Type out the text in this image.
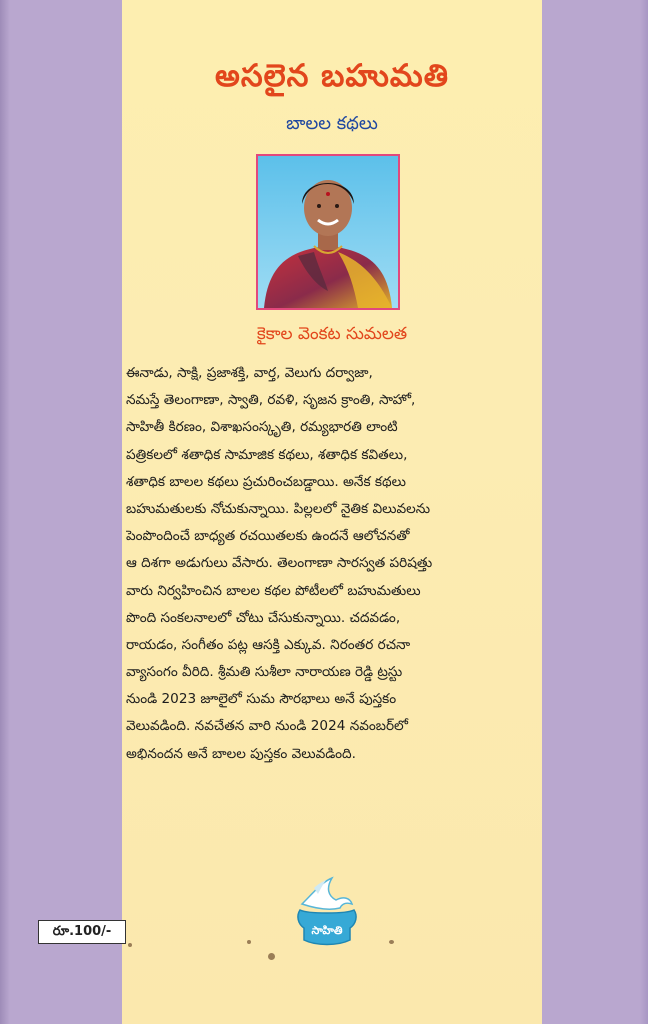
అసలైన బహుమతి
బాలల కథలు
కైకాల వెంకట సుమలత
ఈనాడు, సాక్షి, ప్రజాశక్తి, వార్త, వెలుగు దర్వాజా,
నమస్తే తెలంగాణా, స్వాతి, రవళి, సృజన క్రాంతి, సాహో,
సాహితీ కిరణం, విశాఖసంస్కృతి, రమ్యభారతి లాంటి
పత్రికలలో శతాధిక సామాజిక కథలు, శతాధిక కవితలు,
శతాధిక బాలల కథలు ప్రచురించబడ్డాయి. అనేక కథలు
బహుమతులకు నోచుకున్నాయి. పిల్లలలో నైతిక విలువలను
పెంపొందించే బాధ్యత రచయితలకు ఉందనే ఆలోచనతో
ఆ దిశగా అడుగులు వేసారు. తెలంగాణా సారస్వత పరిషత్తు
వారు నిర్వహించిన బాలల కథల పోటీలలో బహుమతులు
పొంది సంకలనాలలో చోటు చేసుకున్నాయి. చదవడం,
రాయడం, సంగీతం పట్ల ఆసక్తి ఎక్కువ. నిరంతర రచనా
వ్యాసంగం వీరిది. శ్రీమతి సుశీలా నారాయణ రెడ్డి ట్రస్టు
నుండి 2023 జూలైలో సుమ సౌరభాలు అనే పుస్తకం
వెలువడింది. నవచేతన వారి నుండి 2024 నవంబర్‌లో
అభినందన అనే బాలల పుస్తకం వెలువడింది.
సాహితి
రూ.100/-
